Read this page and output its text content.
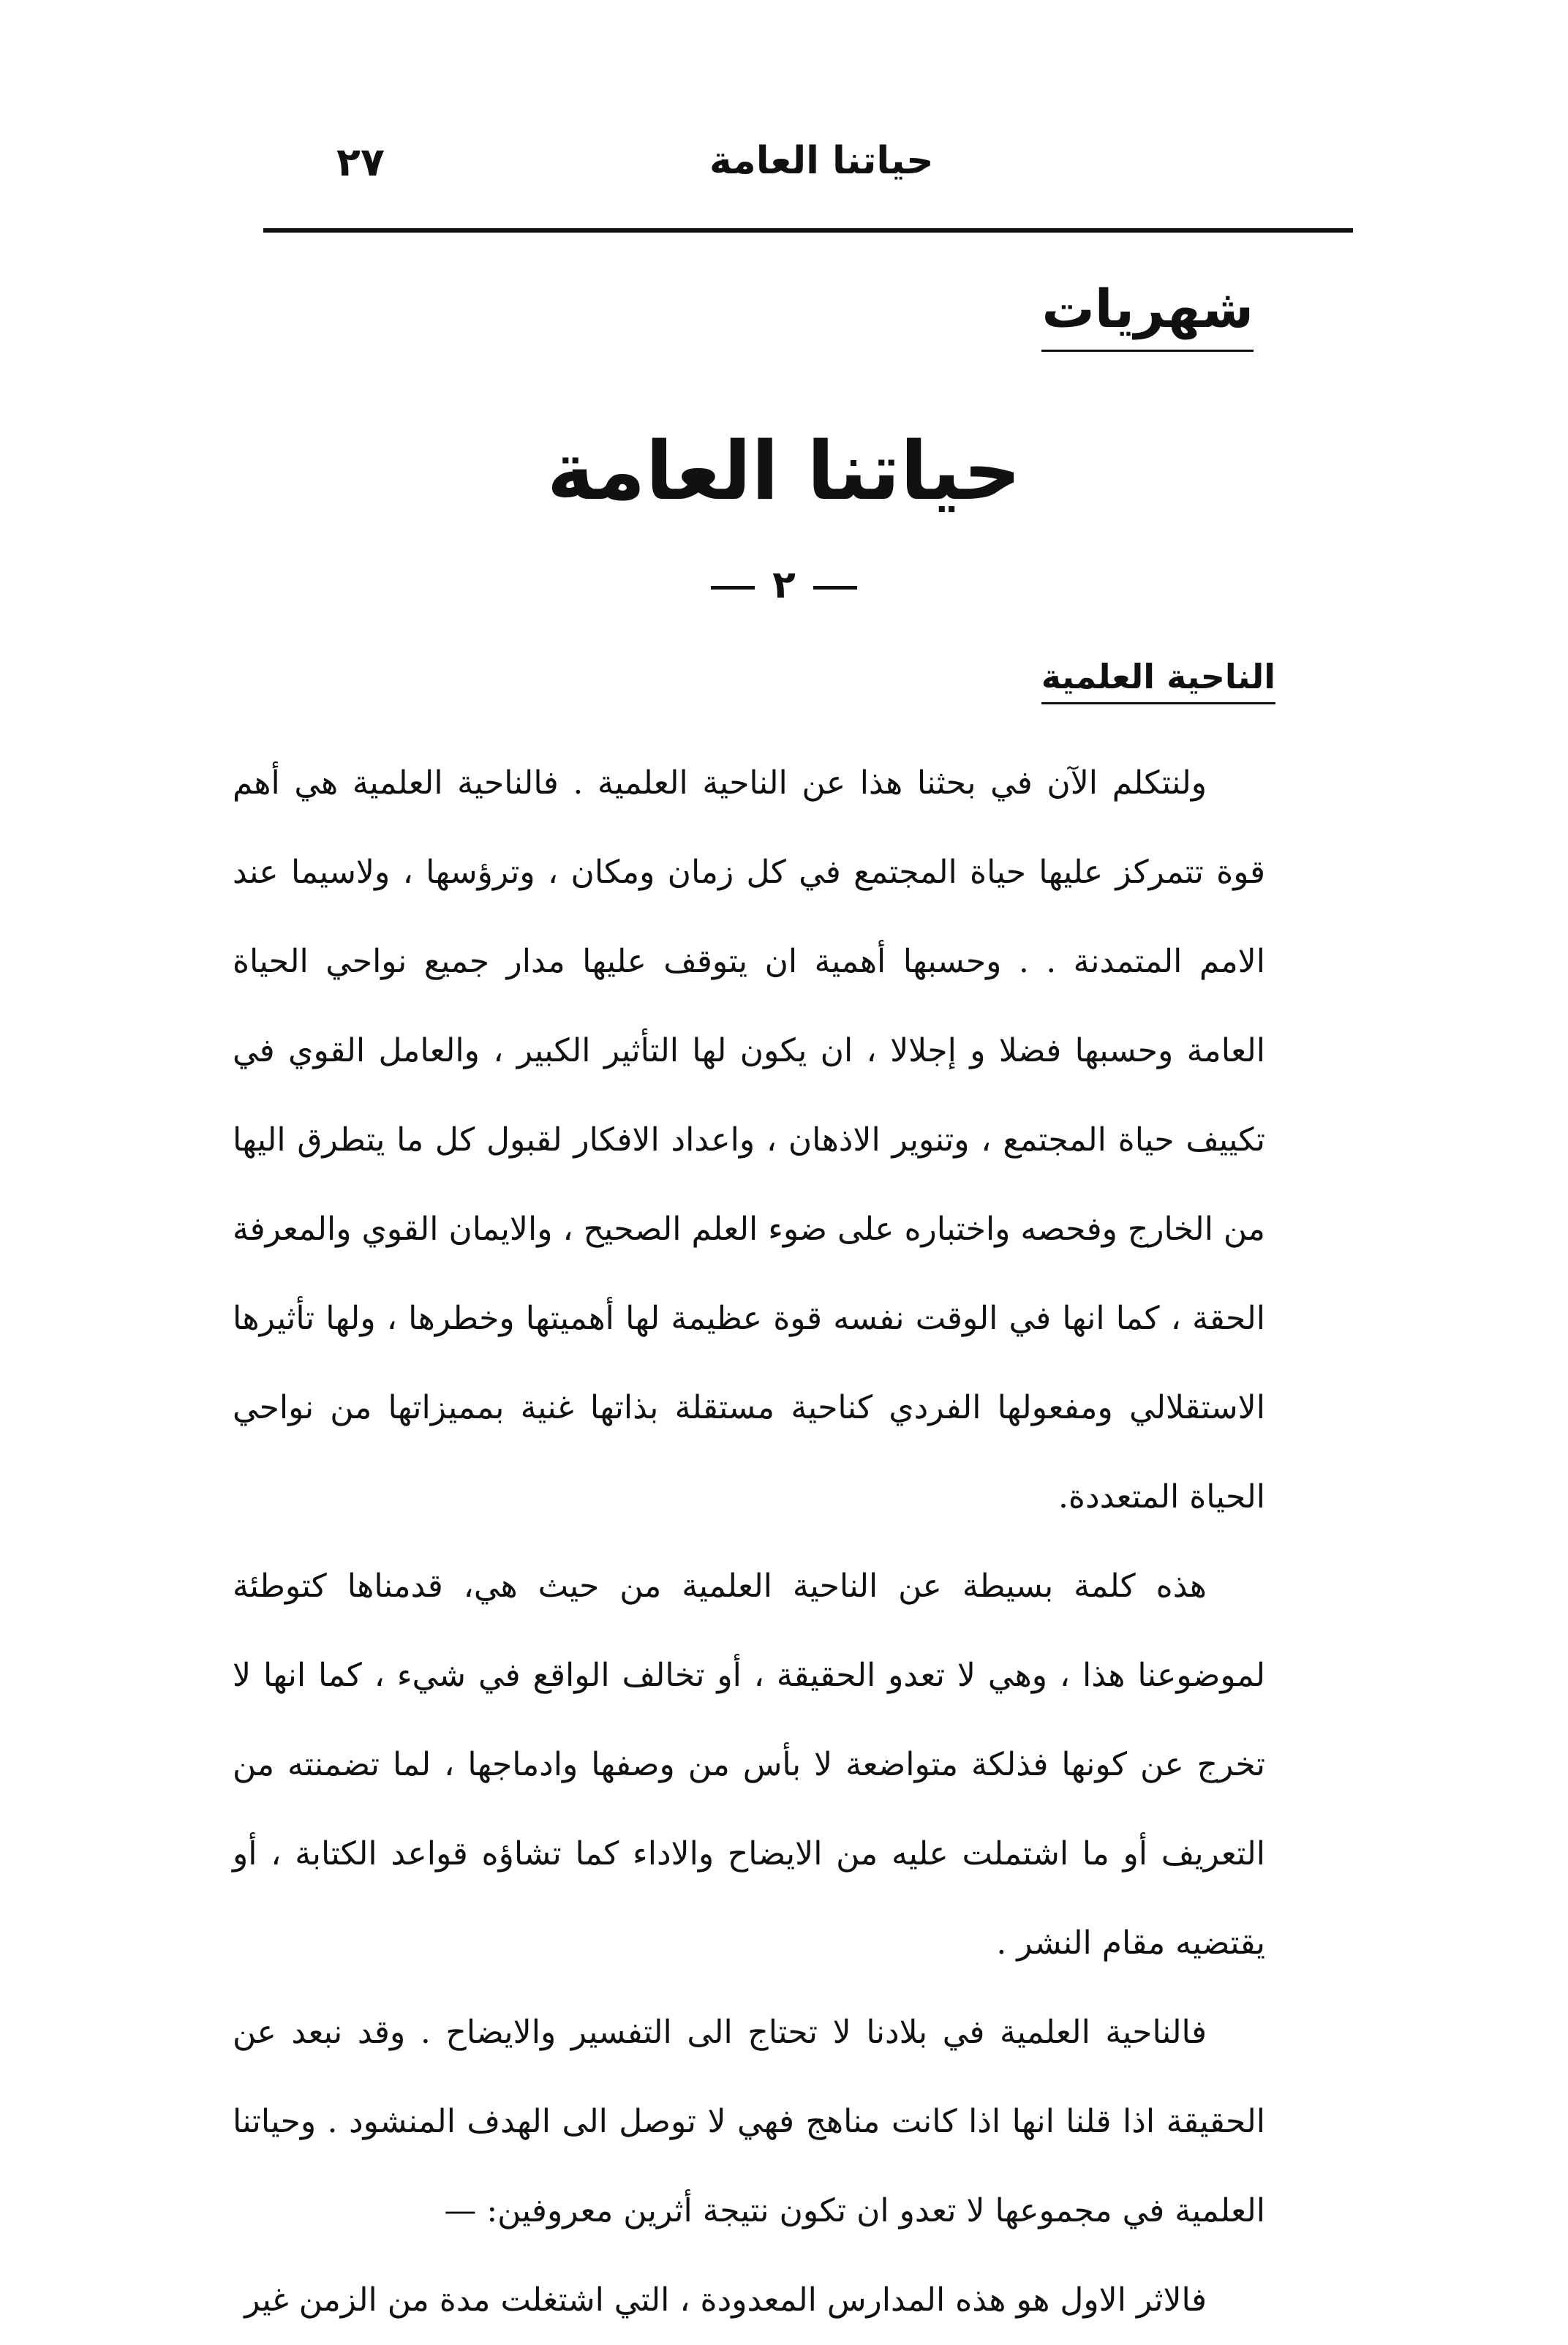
٢٧	حياتنا العامة
شهريات
حياتنا العامة
٢
الناحية العلمية

ولنتكلم الآن في بحثنا هذا عن الناحية العلمية . فالناحية العلمية هي أهم قوة تتمركز عليها حياة المجتمع في كل زمان ومكان ، وترؤسها ، ولاسيما عند الامم المتمدنة . . وحسبها أهمية ان يتوقف عليها مدار جميع نواحي الحياة العامة وحسبها فضلا و إجلالا ، ان يكون لها التأثير الكبير ، والعامل القوي في تكييف حياة المجتمع ، وتنوير الاذهان ، واعداد الافكار لقبول كل ما يتطرق اليها من الخارج وفحصه واختباره على ضوء العلم الصحيح ، والايمان القوي والمعرفة الحقة ، كما انها في الوقت نفسه قوة عظيمة لها أهميتها وخطرها ، ولها تأثيرها الاستقلالي ومفعولها الفردي كناحية مستقلة بذاتها غنية بمميزاتها من نواحي الحياة المتعددة.

هذه كلمة بسيطة عن الناحية العلمية من حيث هي، قدمناها كتوطئة لموضوعنا هذا ، وهي لا تعدو الحقيقة ، أو تخالف الواقع في شيء ، كما انها لا تخرج عن كونها فذلكة متواضعة لا بأس من وصفها وادماجها ، لما تضمنته من التعريف أو ما اشتملت عليه من الايضاح والاداء كما تشاؤه قواعد الكتابة ، أو يقتضيه مقام النشر .

فالناحية العلمية في بلادنا لا تحتاج الى التفسير والايضاح . وقد نبعد عن الحقيقة اذا قلنا انها اذا كانت مناهج فهي لا توصل الى الهدف المنشود . وحياتنا العلمية في مجموعها لا تعدو ان تكون نتيجة أثرين معروفين: —

فالاثر الاول هو هذه المدارس المعدودة ، التي اشتغلت مدة من الزمن غير
